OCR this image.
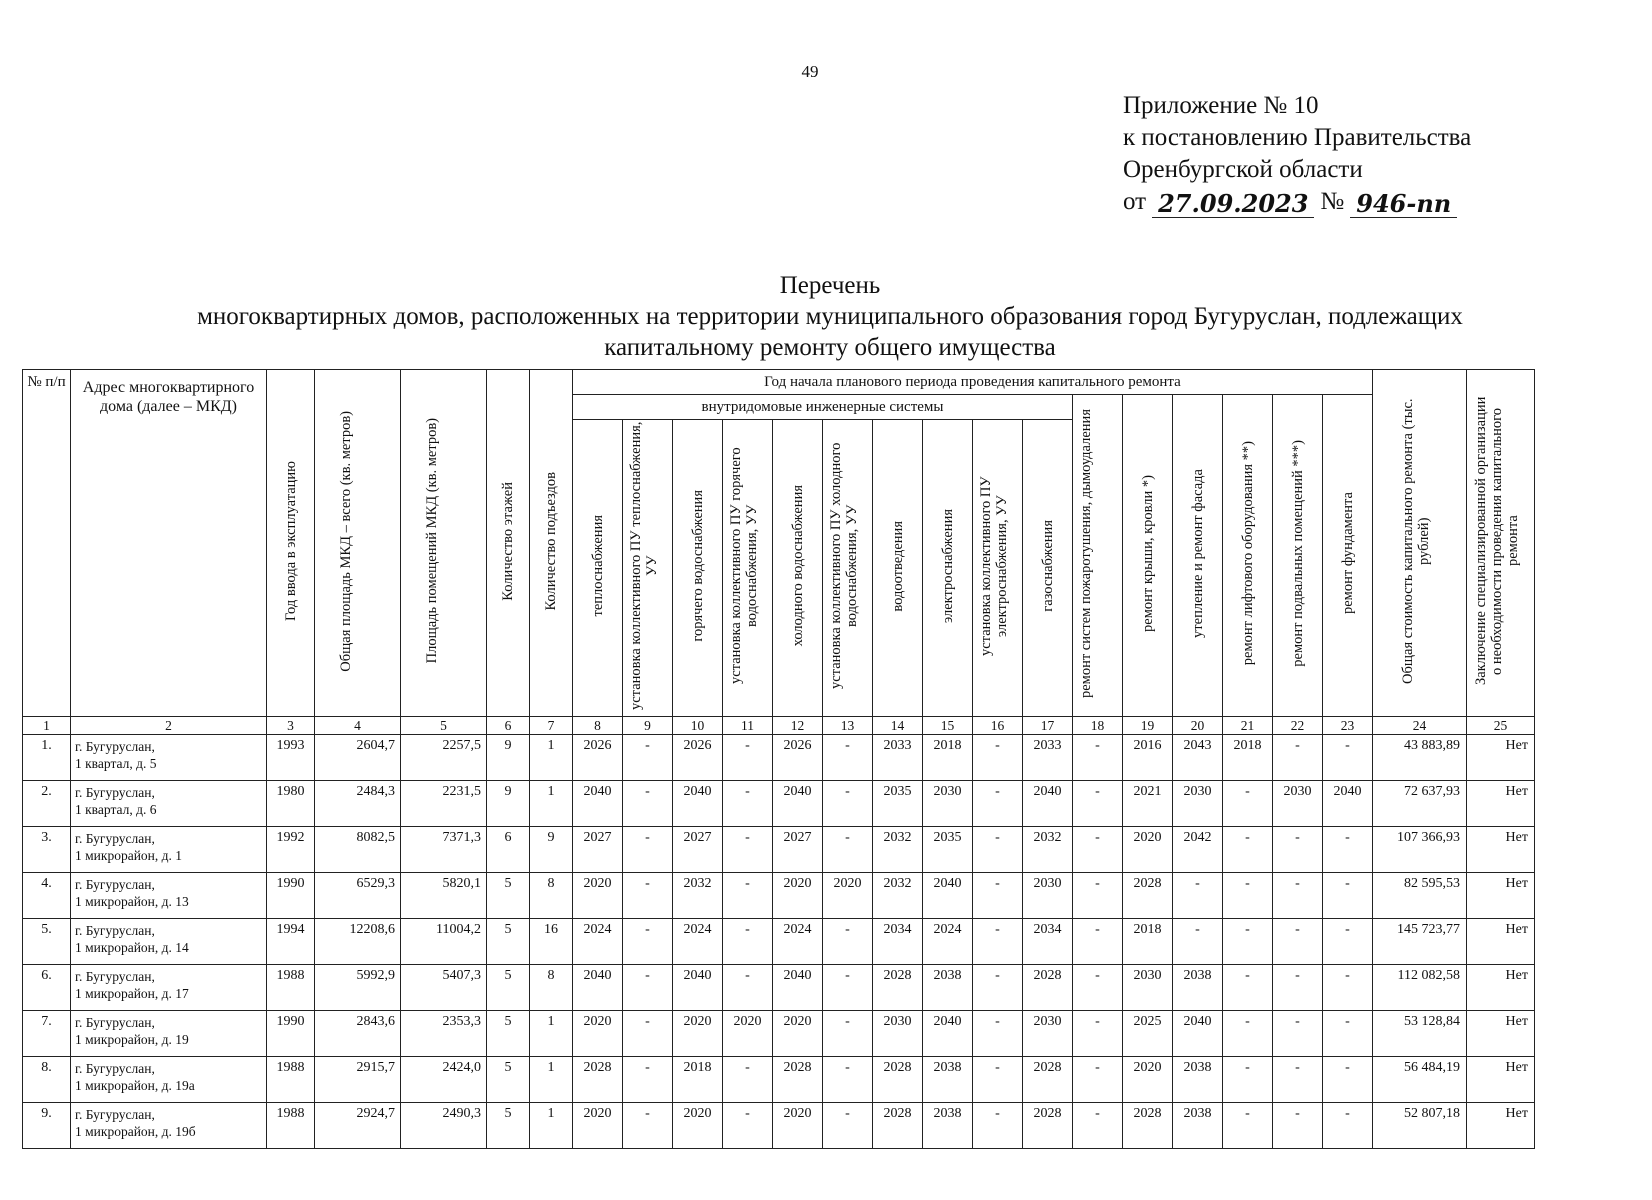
49
Приложение № 10
к постановлению Правительства
Оренбургской области
от 27.09.2023 № 946-пп
Перечень
многоквартирных домов, расположенных на территории муниципального образования город Бугуруслан, подлежащих
капитальному ремонту общего имущества
№ п/п	Адрес многоквартирного дома (далее – МКД)	Год ввода в эксплуатацию	Общая площадь МКД – всего (кв. метров)	Площадь помещений МКД (кв. метров)	Количество этажей	Количество подъездов	Год начала планового периода проведения капитального ремонта																Общая стоимость капитального ремонта (тыс. рублей)	Заключение специализированной организации о необходимости проведения капитального ремонта
							внутридомовые инженерные системы										ремонт систем пожаротушения, дымоудаления	ремонт крыши, кровли *)	утепление и ремонт фасада	ремонт лифтового оборудования **)	ремонт подвальных помещений ***)	ремонт фундамента		
							теплоснабжения	установка коллективного ПУ теплоснабжения, УУ	горячего водоснабжения	установка коллективного ПУ горячего водоснабжения, УУ	холодного водоснабжения	установка коллективного ПУ холодного водоснабжения, УУ	водоотведения	электроснабжения	установка коллективного ПУ электроснабжения, УУ	газоснабжения								
1	2	3	4	5	6	7	8	9	10	11	12	13	14	15	16	17	18	19	20	21	22	23	24	25
1.	г. Бугуруслан,
1 квартал, д. 5	1993	2604,7	2257,5	9	1	2026	-	2026	-	2026	-	2033	2018	-	2033	-	2016	2043	2018	-	-	43 883,89	Нет
2.	г. Бугуруслан,
1 квартал, д. 6	1980	2484,3	2231,5	9	1	2040	-	2040	-	2040	-	2035	2030	-	2040	-	2021	2030	-	2030	2040	72 637,93	Нет
3.	г. Бугуруслан,
1 микрорайон, д. 1	1992	8082,5	7371,3	6	9	2027	-	2027	-	2027	-	2032	2035	-	2032	-	2020	2042	-	-	-	107 366,93	Нет
4.	г. Бугуруслан,
1 микрорайон, д. 13	1990	6529,3	5820,1	5	8	2020	-	2032	-	2020	2020	2032	2040	-	2030	-	2028	-	-	-	-	82 595,53	Нет
5.	г. Бугуруслан,
1 микрорайон, д. 14	1994	12208,6	11004,2	5	16	2024	-	2024	-	2024	-	2034	2024	-	2034	-	2018	-	-	-	-	145 723,77	Нет
6.	г. Бугуруслан,
1 микрорайон, д. 17	1988	5992,9	5407,3	5	8	2040	-	2040	-	2040	-	2028	2038	-	2028	-	2030	2038	-	-	-	112 082,58	Нет
7.	г. Бугуруслан,
1 микрорайон, д. 19	1990	2843,6	2353,3	5	1	2020	-	2020	2020	2020	-	2030	2040	-	2030	-	2025	2040	-	-	-	53 128,84	Нет
8.	г. Бугуруслан,
1 микрорайон, д. 19а	1988	2915,7	2424,0	5	1	2028	-	2018	-	2028	-	2028	2038	-	2028	-	2020	2038	-	-	-	56 484,19	Нет
9.	г. Бугуруслан,
1 микрорайон, д. 19б	1988	2924,7	2490,3	5	1	2020	-	2020	-	2020	-	2028	2038	-	2028	-	2028	2038	-	-	-	52 807,18	Нет
